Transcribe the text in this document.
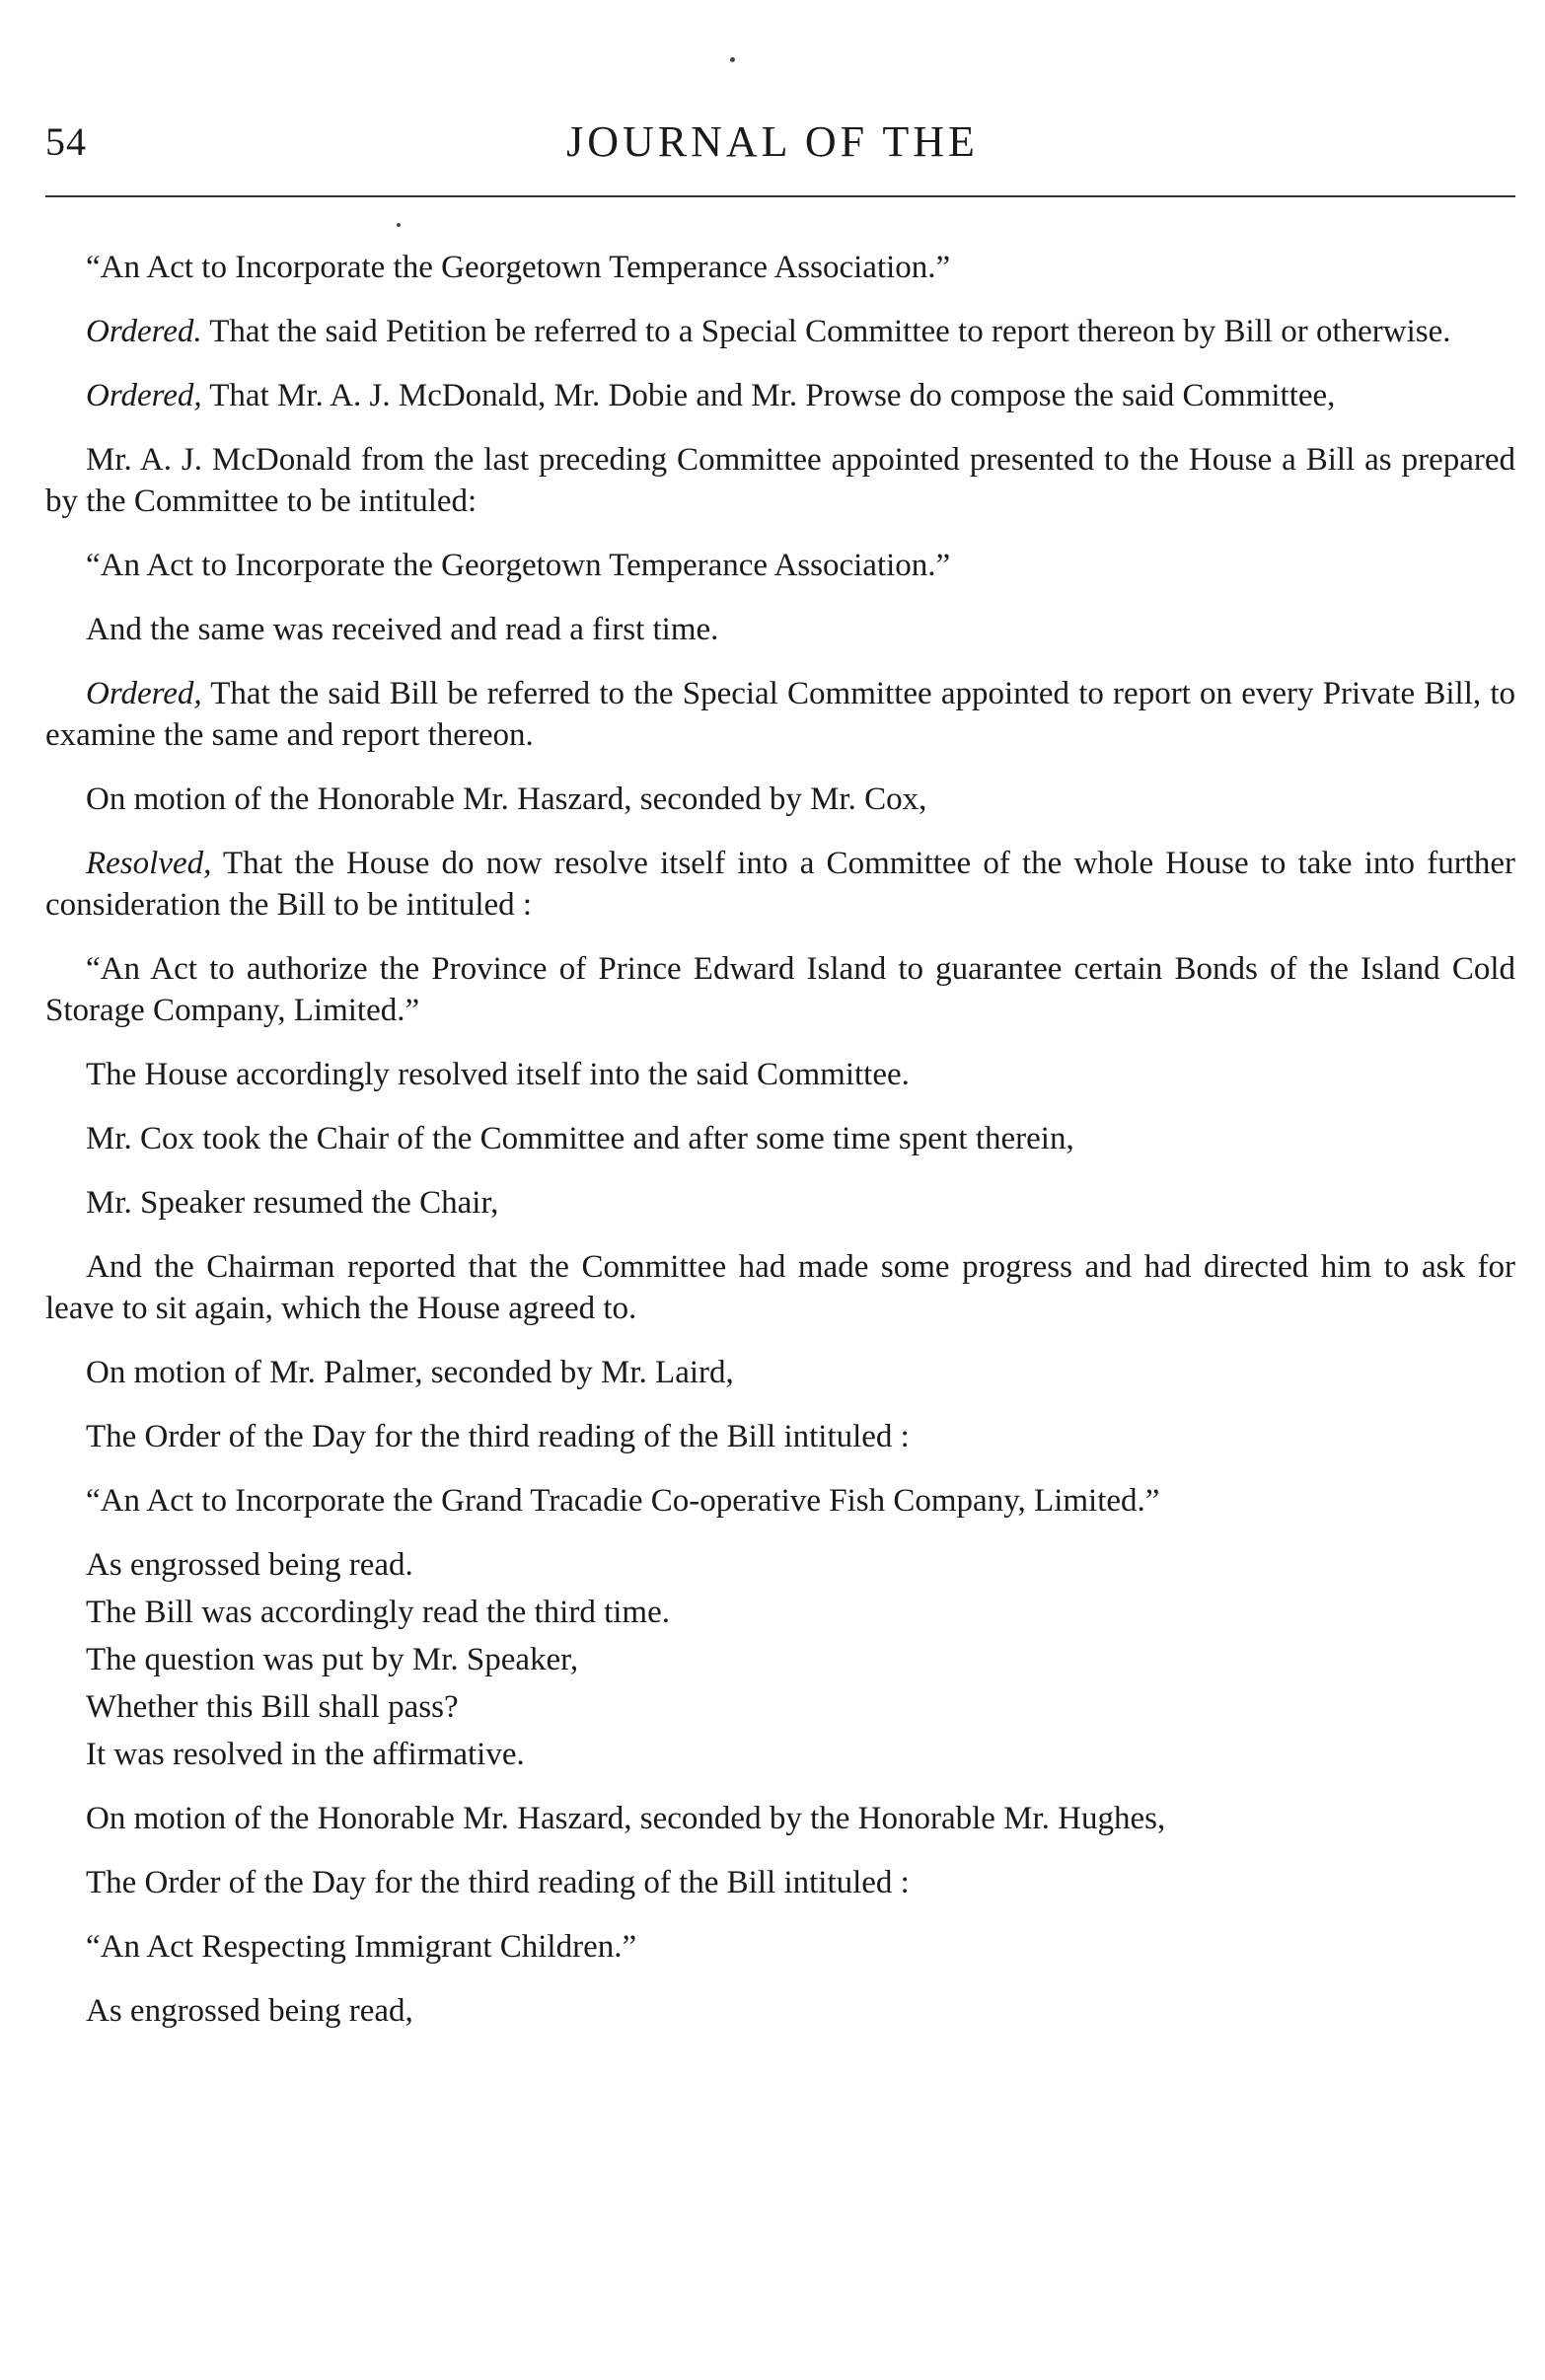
54	JOURNAL OF THE

“An Act to Incorporate the Georgetown Temperance Association.”

Ordered. That the said Petition be referred to a Special Committee to report thereon by Bill or otherwise.

Ordered, That Mr. A. J. McDonald, Mr. Dobie and Mr. Prowse do compose the said Committee,

Mr. A. J. McDonald from the last preceding Committee appointed presented to the House a Bill as prepared by the Committee to be intituled:

“An Act to Incorporate the Georgetown Temperance Association.”

And the same was received and read a first time.

Ordered, That the said Bill be referred to the Special Committee appointed to report on every Private Bill, to examine the same and report thereon.

On motion of the Honorable Mr. Haszard, seconded by Mr. Cox,

Resolved, That the House do now resolve itself into a Committee of the whole House to take into further consideration the Bill to be intituled :

“An Act to authorize the Province of Prince Edward Island to guarantee certain Bonds of the Island Cold Storage Company, Limited.”

The House accordingly resolved itself into the said Committee.

Mr. Cox took the Chair of the Committee and after some time spent therein,

Mr. Speaker resumed the Chair,

And the Chairman reported that the Committee had made some progress and had directed him to ask for leave to sit again, which the House agreed to.

On motion of Mr. Palmer, seconded by Mr. Laird,

The Order of the Day for the third reading of the Bill intituled :

“An Act to Incorporate the Grand Tracadie Co-operative Fish Company, Limited.”

As engrossed being read.

The Bill was accordingly read the third time.

The question was put by Mr. Speaker,

Whether this Bill shall pass?

It was resolved in the affirmative.

On motion of the Honorable Mr. Haszard, seconded by the Honorable Mr. Hughes,

The Order of the Day for the third reading of the Bill intituled :

“An Act Respecting Immigrant Children.”

As engrossed being read,
